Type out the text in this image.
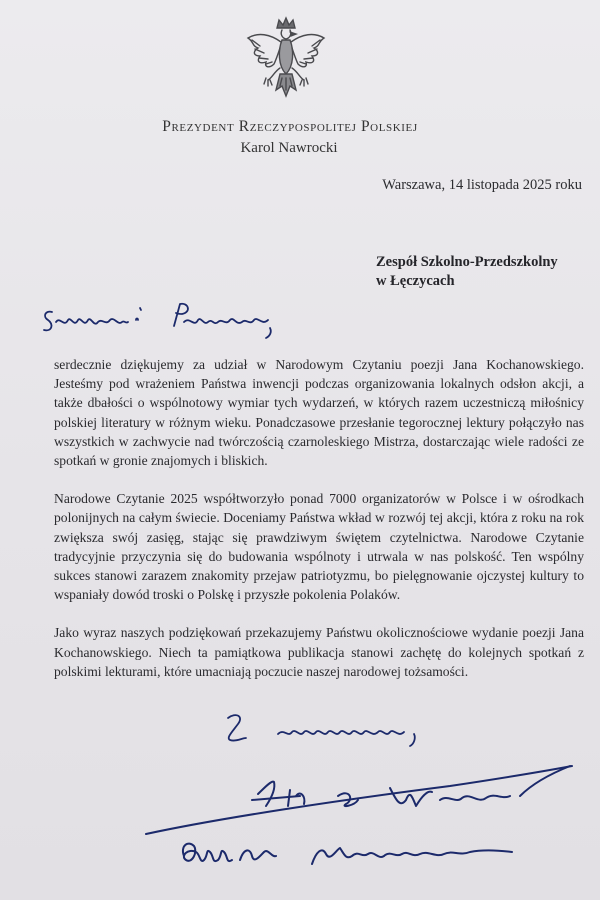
Prezydent Rzeczypospolitej Polskiej
Karol Nawrocki
Warszawa, 14 listopada 2025 roku
Zespół Szkolno-Przedszkolny
w Łęczycach

serdecznie dziękujemy za udział w Narodowym Czytaniu poezji Jana Kochanowskiego. Jesteśmy pod wrażeniem Państwa inwencji podczas organizowania lokalnych odsłon akcji, a także dbałości o wspólnotowy wymiar tych wydarzeń, w których razem uczestniczą miłośnicy polskiej literatury w różnym wieku. Ponadczasowe przesłanie tegorocznej lektury połączyło nas wszystkich w zachwycie nad twórczością czarnoleskiego Mistrza, dostarczając wiele radości ze spotkań w gronie znajomych i bliskich.

Narodowe Czytanie 2025 współtworzyło ponad 7000 organizatorów w Polsce i w ośrodkach polonijnych na całym świecie. Doceniamy Państwa wkład w rozwój tej akcji, która z roku na rok zwiększa swój zasięg, stając się prawdziwym świętem czytelnictwa. Narodowe Czytanie tradycyjnie przyczynia się do budowania wspólnoty i utrwala w nas polskość. Ten wspólny sukces stanowi zarazem znakomity przejaw patriotyzmu, bo pielęgnowanie ojczystej kultury to wspaniały dowód troski o Polskę i przyszłe pokolenia Polaków.

Jako wyraz naszych podziękowań przekazujemy Państwu okolicznościowe wydanie poezji Jana Kochanowskiego. Niech ta pamiątkowa publikacja stanowi zachętę do kolejnych spotkań z polskimi lekturami, które umacniają poczucie naszej narodowej tożsamości.
